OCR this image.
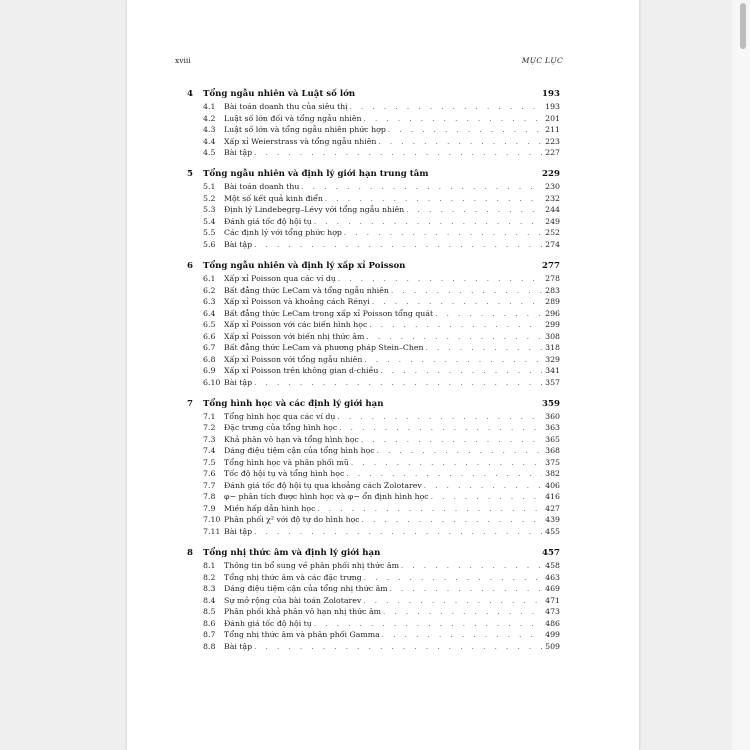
xviii	MỤC LỤC
4 Tổng ngẫu nhiên và Luật số lớn	193
4.1 Bài toán doanh thu của siêu thị . . .	193
4.2 Luật số lớn đối và tổng ngẫu nhiên . . .	201
4.3 Luật số lớn và tổng ngẫu nhiên phức hợp . . .	211
4.4 Xấp xỉ Weierstrass và tổng ngẫu nhiên . . .	223
4.5 Bài tập . . .	227
5 Tổng ngẫu nhiên và định lý giới hạn trung tâm	229
5.1 Bài toán doanh thu . . .	230
5.2 Một số kết quả kinh điển . . .	232
5.3 Định lý Lindebegrg–Lévy với tổng ngẫu nhiên . . .	244
5.4 Đánh giá tốc độ hội tụ . . .	249
5.5 Các định lý với tổng phức hợp . . .	252
5.6 Bài tập . . .	274
6 Tổng ngẫu nhiên và định lý xấp xỉ Poisson	277
6.1 Xấp xỉ Poisson qua các ví dụ . . .	278
6.2 Bất đẳng thức LeCam và tổng ngẫu nhiên . . .	283
6.3 Xấp xỉ Poisson và khoảng cách Rényi . . .	289
6.4 Bất đẳng thức LeCam trong xấp xỉ Poisson tổng quát . . .	296
6.5 Xấp xỉ Poisson với các biến hình học . . .	299
6.6 Xấp xỉ Poisson với biến nhị thức âm . . .	308
6.7 Bất đẳng thức LeCam và phương pháp Stein–Chen . . .	318
6.8 Xấp xỉ Poisson với tổng ngẫu nhiên . . .	329
6.9 Xấp xỉ Poisson trên không gian d-chiều . . .	341
6.10 Bài tập . . .	357
7 Tổng hình học và các định lý giới hạn	359
7.1 Tổng hình học qua các ví dụ . . .	360
7.2 Đặc trưng của tổng hình học . . .	363
7.3 Khả phân vô hạn và tổng hình học . . .	365
7.4 Dáng điệu tiệm cận của tổng hình học . . .	368
7.5 Tổng hình học và phân phối mũ . . .	375
7.6 Tốc độ hội tụ và tổng hình học . . .	382
7.7 Đánh giá tốc độ hội tụ qua khoảng cách Zolotarev . . .	406
7.8 φ− phân tích được hình học và φ− ổn định hình học . . .	416
7.9 Miền hấp dẫn hình học . . .	427
7.10 Phân phối χ² với độ tự do hình học . . .	439
7.11 Bài tập . . .	455
8 Tổng nhị thức âm và định lý giới hạn	457
8.1 Thông tin bổ sung về phân phối nhị thức âm . . .	458
8.2 Tổng nhị thức âm và các đặc trưng . . .	463
8.3 Dáng điệu tiệm cận của tổng nhị thức âm . . .	469
8.4 Sự mở rộng của bài toán Zolotarev . . .	471
8.5 Phân phối khả phân vô hạn nhị thức âm . . .	473
8.6 Đánh giá tốc độ hội tụ . . .	486
8.7 Tổng nhị thức âm và phân phối Gamma . . .	499
8.8 Bài tập . . .	509
